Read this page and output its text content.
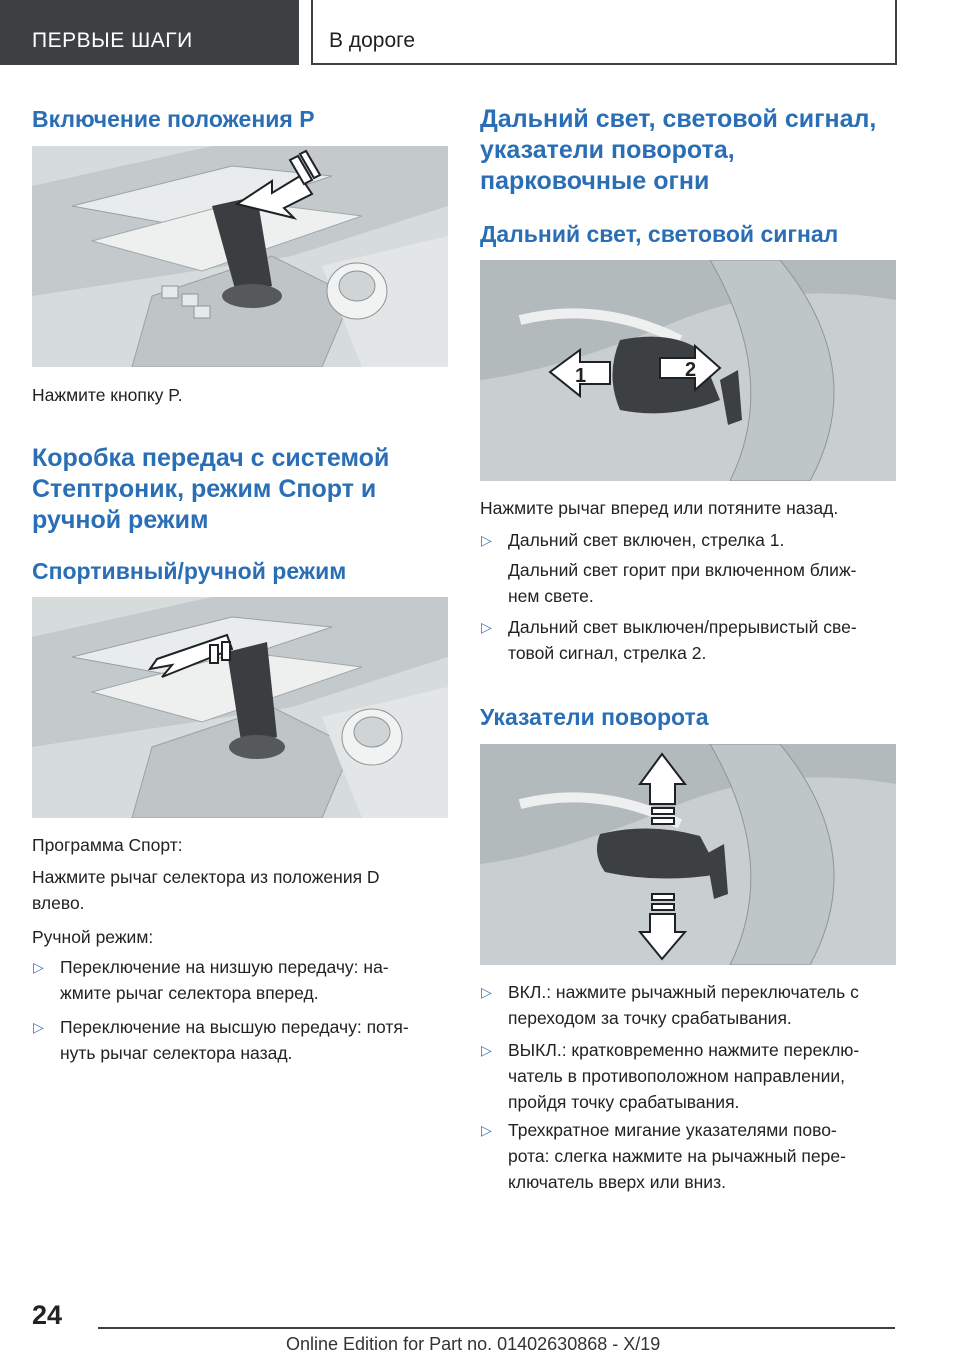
ПЕРВЫЕ ШАГИ	В дороге
Включение положения P
Нажмите кнопку P.
Коробка передач с системой
Стептроник, режим Спорт и
ручной режим
Спортивный/ручной режим
Программа Спорт:
Нажмите рычаг селектора из положения D
влево.
Ручной режим:
▷ Переключение на низшую передачу: на-
жмите рычаг селектора вперед.
▷ Переключение на высшую передачу: потя-
нуть рычаг селектора назад.
Дальний свет, световой сигнал,
указатели поворота,
парковочные огни
Дальний свет, световой сигнал
1	2
Нажмите рычаг вперед или потяните назад.
▷ Дальний свет включен, стрелка 1.
Дальний свет горит при включенном ближ-
нем свете.
▷ Дальний свет выключен/прерывистый све-
товой сигнал, стрелка 2.
Указатели поворота
▷ ВКЛ.: нажмите рычажный переключатель с
переходом за точку срабатывания.
▷ ВЫКЛ.: кратковременно нажмите переклю-
чатель в противоположном направлении,
пройдя точку срабатывания.
▷ Трехкратное мигание указателями пово-
рота: слегка нажмите на рычажный пере-
ключатель вверх или вниз.
24
Online Edition for Part no. 01402630868 - X/19
